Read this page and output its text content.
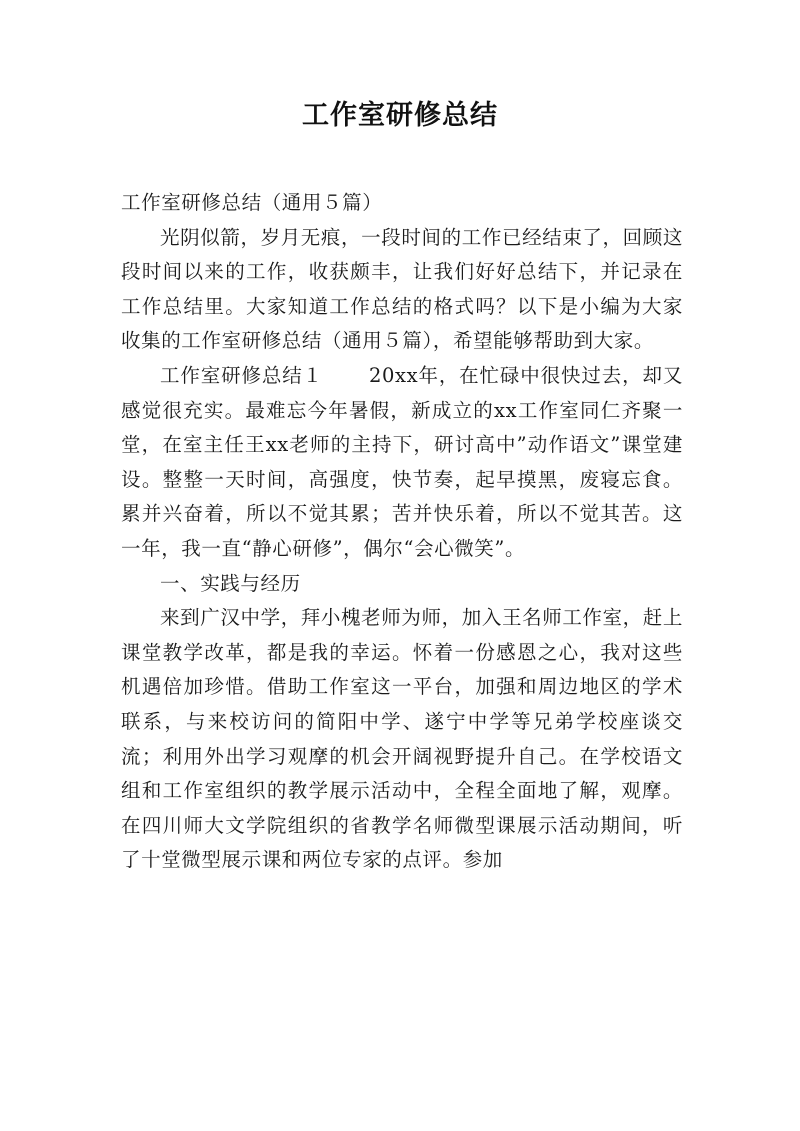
工作室研修总结

工作室研修总结（通用５篇）

光阴似箭，岁月无痕，一段时间的工作已经结束了，回顾这段时间以来的工作，收获颇丰，让我们好好总结下，并记录在工作总结里。大家知道工作总结的格式吗？以下是小编为大家收集的工作室研修总结（通用５篇），希望能够帮助到大家。

工作室研修总结１ 20xx年，在忙碌中很快过去，却又感觉很充实。最难忘今年暑假，新成立的xx工作室同仁齐聚一堂，在室主任王xx老师的主持下，研讨高中”动作语文”课堂建设。整整一天时间，高强度，快节奏，起早摸黑，废寝忘食。累并兴奋着，所以不觉其累；苦并快乐着，所以不觉其苦。这一年，我一直“静心研修”，偶尔“会心微笑”。

一、实践与经历

来到广汉中学，拜小槐老师为师，加入王名师工作室，赶上课堂教学改革，都是我的幸运。怀着一份感恩之心，我对这些机遇倍加珍惜。借助工作室这一平台，加强和周边地区的学术联系，与来校访问的简阳中学、遂宁中学等兄弟学校座谈交流；利用外出学习观摩的机会开阔视野提升自己。在学校语文组和工作室组织的教学展示活动中，全程全面地了解，观摩。在四川师大文学院组织的省教学名师微型课展示活动期间，听了十堂微型展示课和两位专家的点评。参加
